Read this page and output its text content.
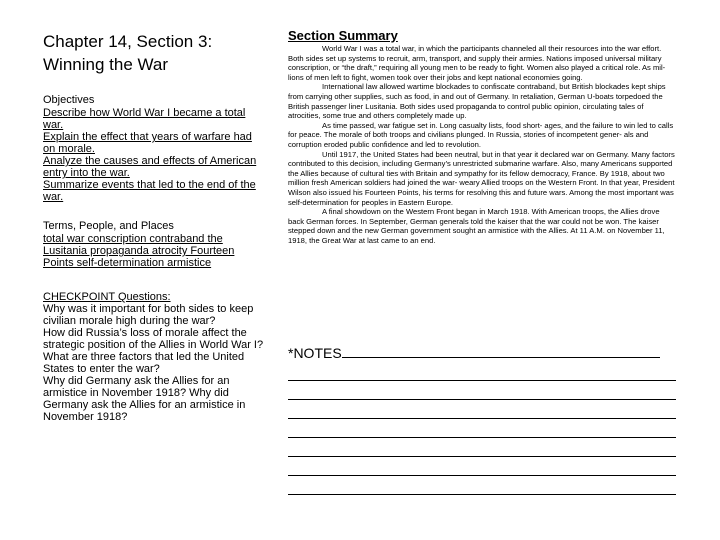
Chapter 14, Section 3:
Winning the War
Objectives
Describe how World War I became a total war.
Explain the effect that years of warfare had on morale.
Analyze the causes and effects of American entry into the war.
Summarize events that led to the end of the war.
Terms, People, and Places
total war conscription contraband the Lusitania propaganda atrocity Fourteen Points self-determination armistice
CHECKPOINT Questions:
Why was it important for both sides to keep civilian morale high during the war?
How did Russia’s loss of morale affect the strategic position of the Allies in World War I?
What are three factors that led the United States to enter the war?
Why did Germany ask the Allies for an armistice in November 1918? Why did Germany ask the Allies for an armistice in November 1918?
Section Summary

World War I was a total war, in which the participants channeled all their resources into the war effort. Both sides set up systems to recruit, arm, transport, and supply their armies. Nations imposed universal military conscription, or “the draft,” requiring all young men to be ready to fight. Women also played a critical role. As mil- lions of men left to fight, women took over their jobs and kept national economies going.

International law allowed wartime blockades to confiscate contraband, but British blockades kept ships from carrying other supplies, such as food, in and out of Germany. In retaliation, German U-boats torpedoed the British passenger liner Lusitania. Both sides used propaganda to control public opinion, circulating tales of atrocities, some true and others completely made up.

As time passed, war fatigue set in. Long casualty lists, food short- ages, and the failure to win led to calls for peace. The morale of both troops and civilians plunged. In Russia, stories of incompetent gener- als and corruption eroded public confidence and led to revolution.

Until 1917, the United States had been neutral, but in that year it declared war on Germany. Many factors contributed to this decision, including Germany’s unrestricted submarine warfare. Also, many Americans supported the Allies because of cultural ties with Britain and sympathy for its fellow democracy, France. By 1918, about two million fresh American soldiers had joined the war- weary Allied troops on the Western Front. In that year, President Wilson also issued his Fourteen Points, his terms for resolving this and future wars. Among the most important was self-determination for peoples in Eastern Europe.

A final showdown on the Western Front began in March 1918. With American troops, the Allies drove back German forces. In September, German generals told the kaiser that the war could not be won. The kaiser stepped down and the new German government sought an armistice with the Allies. At 11 A.M. on November 11, 1918, the Great War at last came to an end.

*NOTES
